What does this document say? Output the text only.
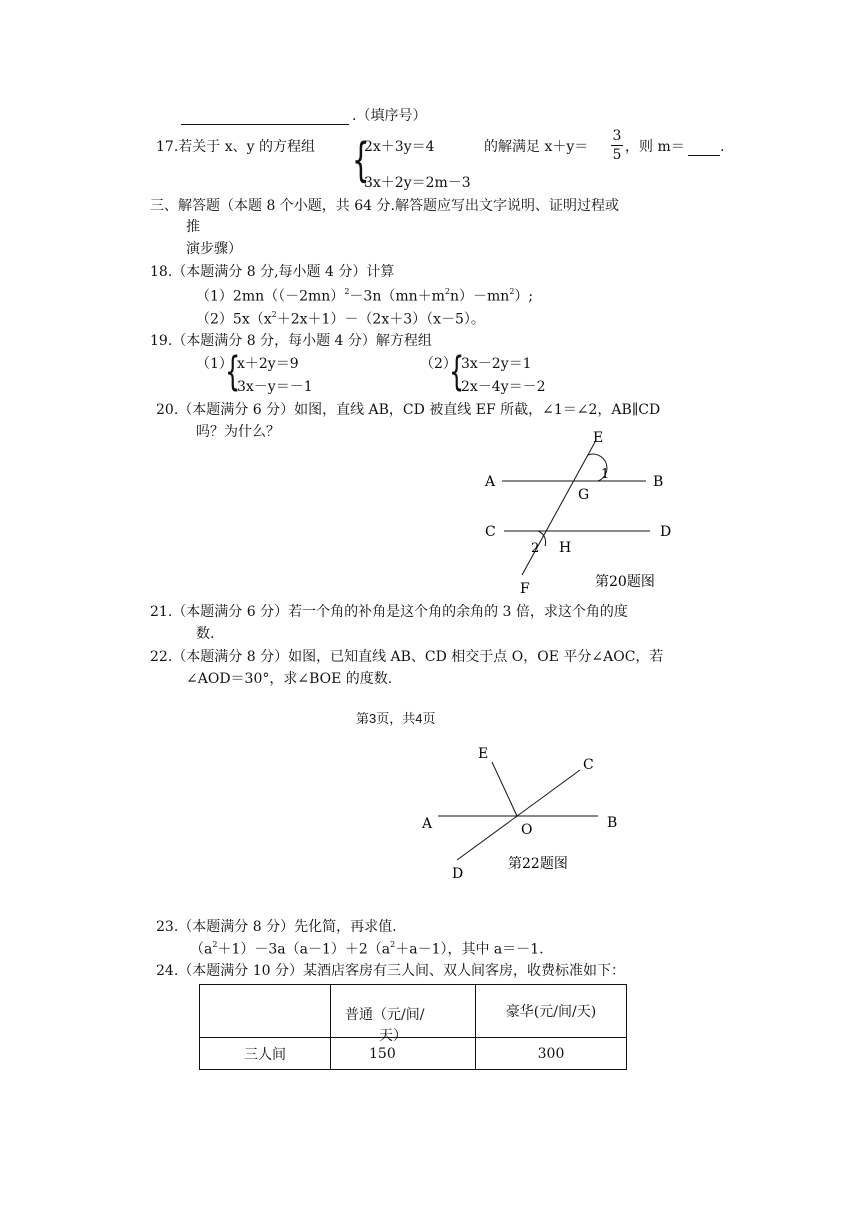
.（填序号）
17.若关于 x、y 的方程组 {
2x＋3y＝4
3x＋2y＝2m－3
的解满足 x＋y＝
3
5 ，则 m＝	.
三、解答题（本题 8 个小题，共 64 分.解答题应写出文字说明、证明过程或
推
演步骤）
18.（本题满分 8 分,每小题 4 分）计算
$(1)2mn((-2mn)^2-3n(mn+m^2n)-mn^2)$;
$(2)5x(x^2+2x+1)-(2x+3)(x-5)$。
19.（本题满分 8 分，每小题 4 分）解方程组
（1）
{
x＋2y＝9
3x－y＝－1
（2）
{
3x－2y＝1
2x－4y＝－2
20.（本题满分 6 分）如图，直线 AB，CD 被直线 EF 所截，∠1＝∠2，AB∥CD
吗？为什么？	E
A	B
1
G
C	D
2 H
F	第20题图
21.（本题满分 6 分）若一个角的补角是这个角的余角的 3 倍，求这个角的度
数.
22.（本题满分 8 分）如图，已知直线 AB、CD 相交于点 O，OE 平分∠AOC，若
∠AOD＝30°，求∠BOE 的度数.
第3页，共4页
E
C
A	O	B
D
第22题图
23.（本题满分 8 分）先化简，再求值.
$(a^2+1)-3a(a-1)+2(a^2+a-1)$，其中 a＝－1.
24.（本题满分 10 分）某酒店客房有三人间、双人间客房，收费标准如下：

	普通（元/间/
天）	豪华(元/间/天)
三人间	150	300
